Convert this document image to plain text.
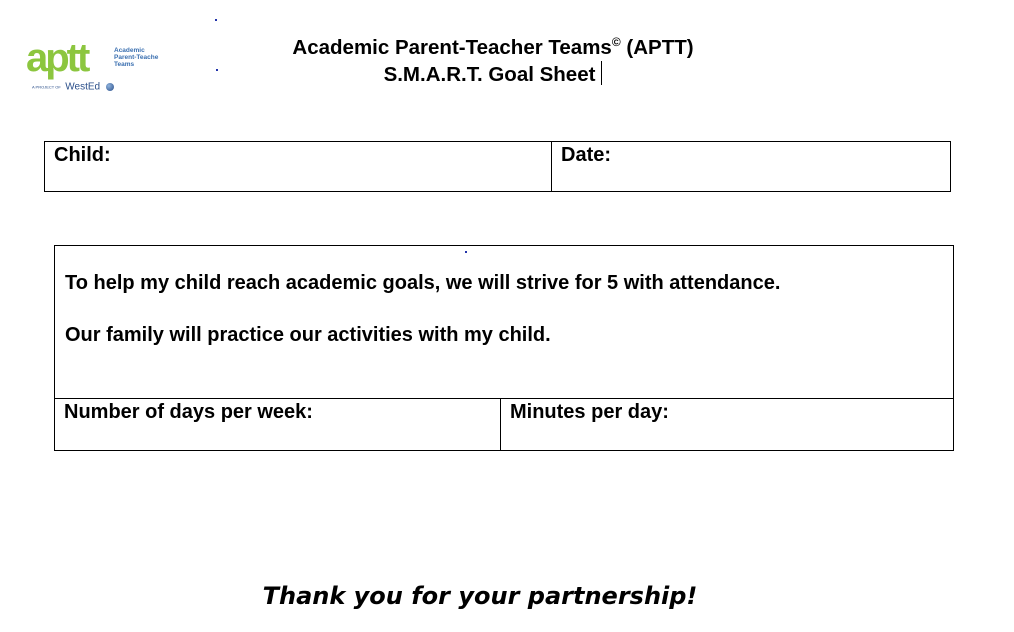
aptt	Academic
Parent-Teache
Teams
A PROJECT OF WestEd
Academic Parent-Teacher Teams© (APTT)
S.M.A.R.T. Goal Sheet
Child:	Date:
To help my child reach academic goals, we will strive for 5 with attendance.
Our family will practice our activities with my child.
Number of days per week:	Minutes per day:
Thank you for your partnership!
